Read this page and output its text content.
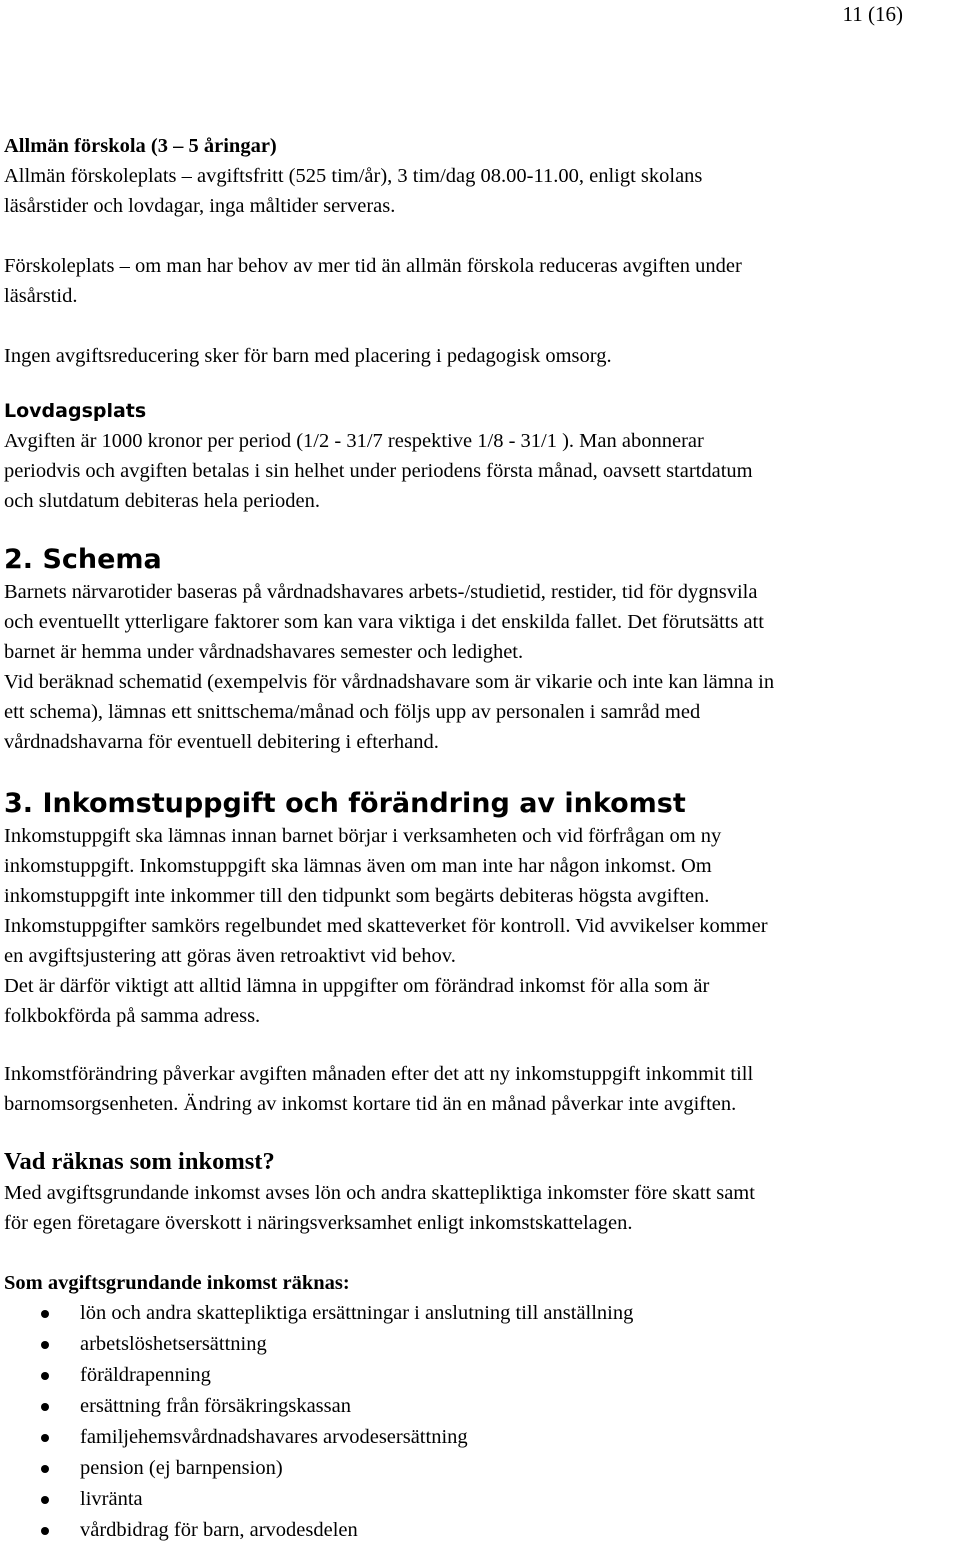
11 (16)

Allmän förskola (3 – 5 åringar)

Allmän förskoleplats – avgiftsfritt (525 tim/år), 3 tim/dag 08.00-11.00, enligt skolans

läsårstider och lovdagar, inga måltider serveras.

Förskoleplats – om man har behov av mer tid än allmän förskola reduceras avgiften under

läsårstid.

Ingen avgiftsreducering sker för barn med placering i pedagogisk omsorg.

Lovdagsplats

Avgiften är 1000 kronor per period (1/2 - 31/7 respektive 1/8 - 31/1 ). Man abonnerar

periodvis och avgiften betalas i sin helhet under periodens första månad, oavsett startdatum

och slutdatum debiteras hela perioden.

2. Schema

Barnets närvarotider baseras på vårdnadshavares arbets-/studietid, restider, tid för dygnsvila

och eventuellt ytterligare faktorer som kan vara viktiga i det enskilda fallet. Det förutsätts att

barnet är hemma under vårdnadshavares semester och ledighet.

Vid beräknad schematid (exempelvis för vårdnadshavare som är vikarie och inte kan lämna in

ett schema), lämnas ett snittschema/månad och följs upp av personalen i samråd med

vårdnadshavarna för eventuell debitering i efterhand.

3. Inkomstuppgift och förändring av inkomst

Inkomstuppgift ska lämnas innan barnet börjar i verksamheten och vid förfrågan om ny

inkomstuppgift. Inkomstuppgift ska lämnas även om man inte har någon inkomst. Om

inkomstuppgift inte inkommer till den tidpunkt som begärts debiteras högsta avgiften.

Inkomstuppgifter samkörs regelbundet med skatteverket för kontroll. Vid avvikelser kommer

en avgiftsjustering att göras även retroaktivt vid behov.

Det är därför viktigt att alltid lämna in uppgifter om förändrad inkomst för alla som är

folkbokförda på samma adress.

Inkomstförändring påverkar avgiften månaden efter det att ny inkomstuppgift inkommit till

barnomsorgsenheten. Ändring av inkomst kortare tid än en månad påverkar inte avgiften.

Vad räknas som inkomst?

Med avgiftsgrundande inkomst avses lön och andra skattepliktiga inkomster före skatt samt

för egen företagare överskott i näringsverksamhet enligt inkomstskattelagen.

Som avgiftsgrundande inkomst räknas:

lön och andra skattepliktiga ersättningar i anslutning till anställning
arbetslöshetsersättning
föräldrapenning
ersättning från försäkringskassan
familjehemsvårdnadshavares arvodesersättning
pension (ej barnpension)
livränta
vårdbidrag för barn, arvodesdelen
